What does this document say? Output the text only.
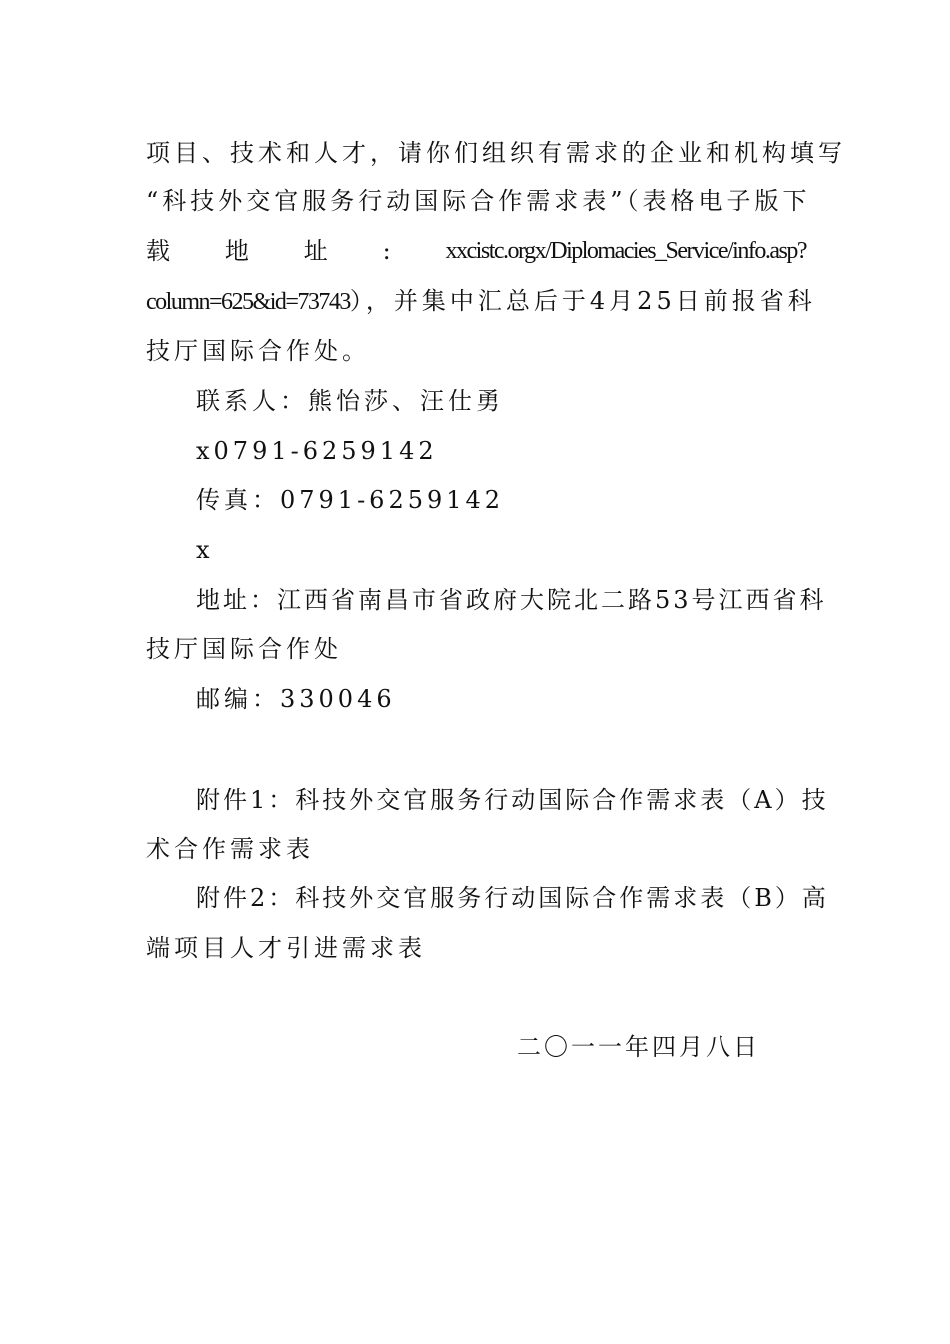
项目、技术和人才，请你们组织有需求的企业和机构填写
“科技外交官服务行动国际合作需求表”（表格电子版下
载 地 址 : xxcistc.orgx/Diplomacies_Service/info.asp?
column=625&id=73743），并集中汇总后于4月25日前报省科
技厅国际合作处。
联系人：熊怡莎、汪仕勇
x0791-6259142
传真：0791-6259142
x
地址：江西省南昌市省政府大院北二路53号江西省科
技厅国际合作处
邮编：330046
附件1：科技外交官服务行动国际合作需求表（A）技
术合作需求表
附件2：科技外交官服务行动国际合作需求表（B）高
端项目人才引进需求表
二〇一一年四月八日
